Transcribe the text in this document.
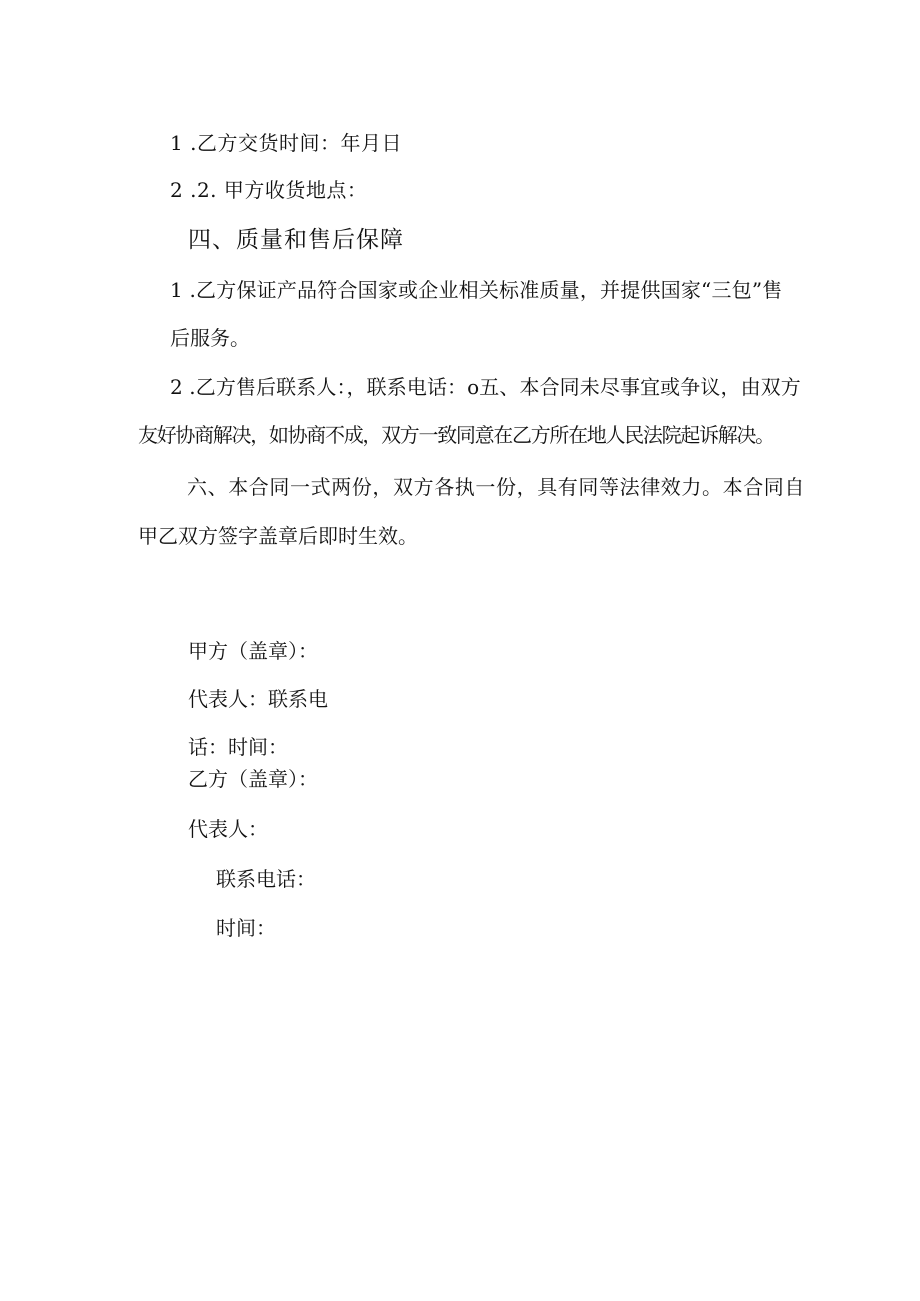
1 .乙方交货时间：年月日
2 .2. 甲方收货地点：
四、质量和售后保障
1 .乙方保证产品符合国家或企业相关标准质量，并提供国家“三包”售
后服务。
2 .乙方售后联系人：，联系电话：o五、本合同未尽事宜或争议，由双方
友好协商解决，如协商不成，双方一致同意在乙方所在地人民法院起诉解决。
六、本合同一式两份，双方各执一份，具有同等法律效力。本合同自
甲乙双方签字盖章后即时生效。
甲方（盖章）：
代表人：联系电
话：时间：
乙方（盖章）：
代表人：
联系电话：
时间：
